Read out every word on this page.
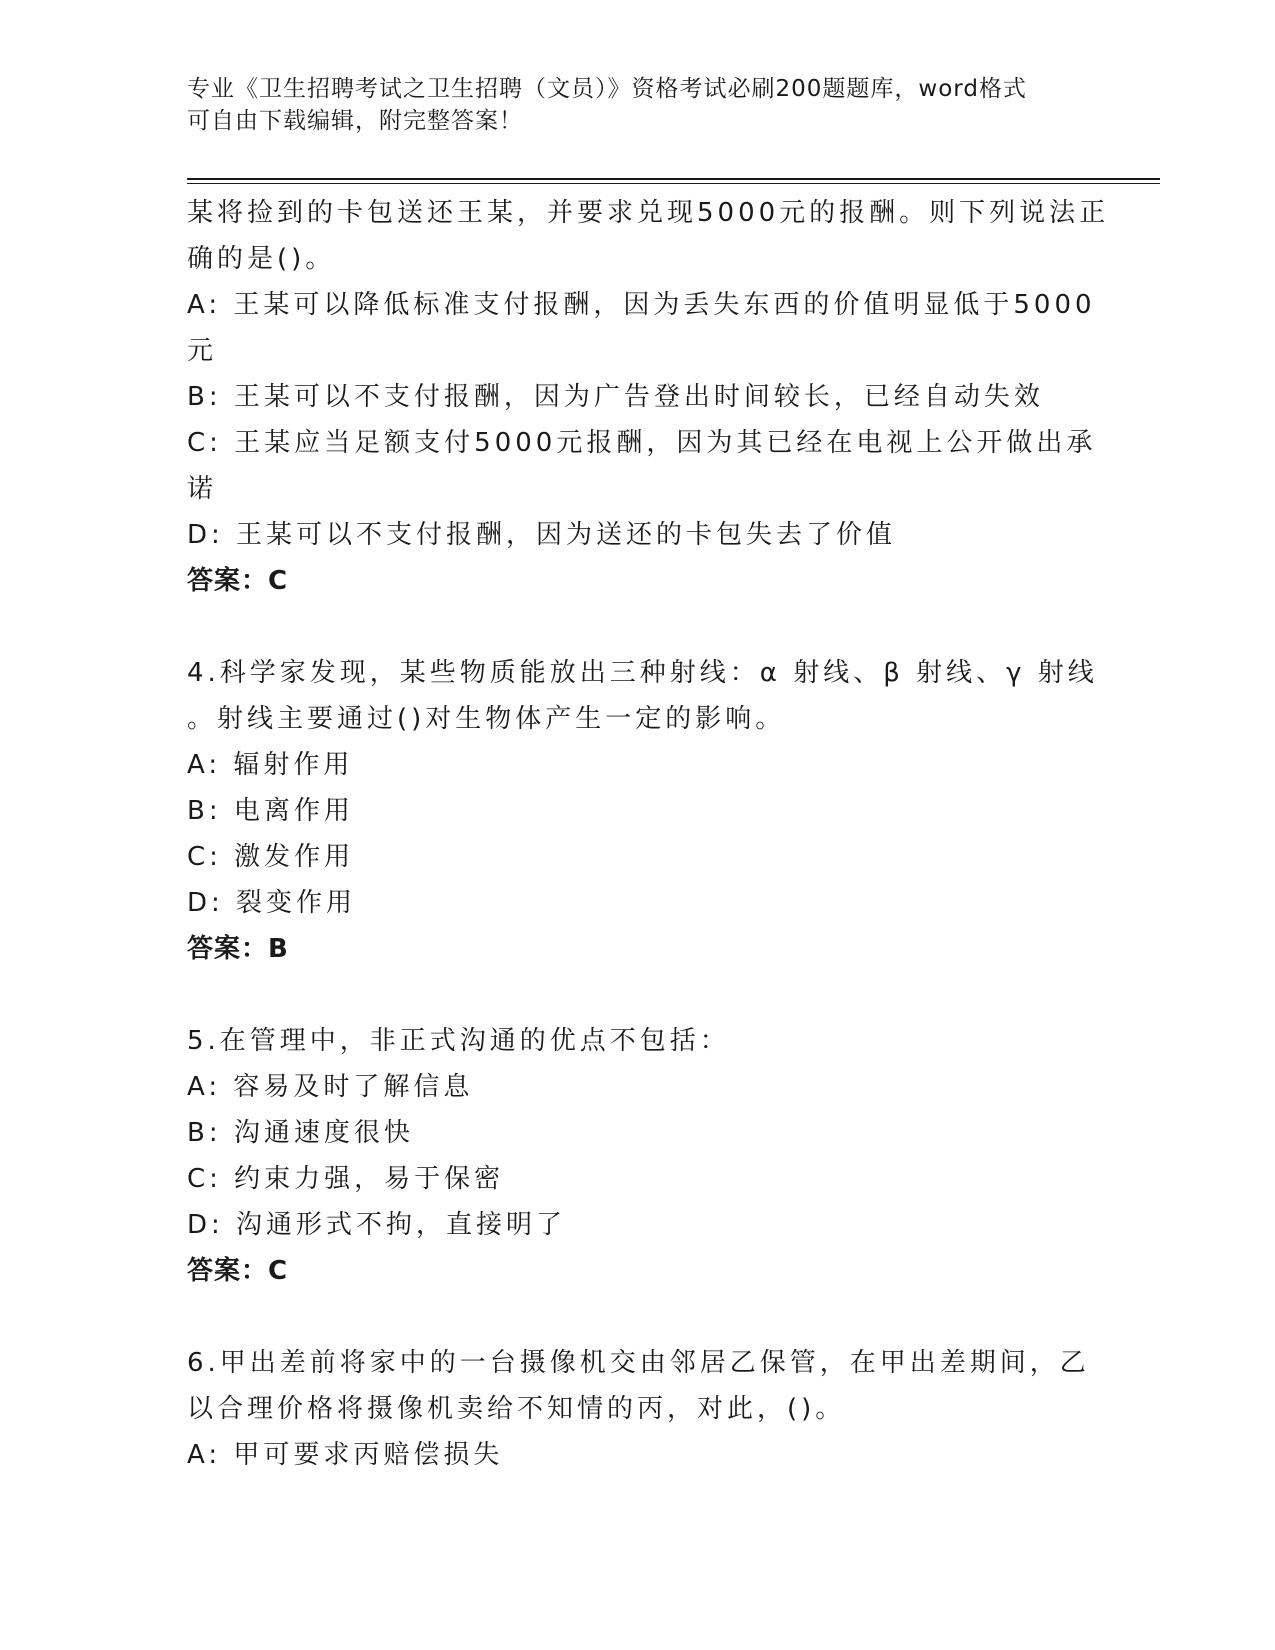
专业《卫生招聘考试之卫生招聘（文员）》资格考试必刷200题题库，word格式
可自由下载编辑，附完整答案！

某将捡到的卡包送还王某，并要求兑现5000元的报酬。则下列说法正

确的是()。

A: 王某可以降低标准支付报酬，因为丢失东西的价值明显低于5000

元

B: 王某可以不支付报酬，因为广告登出时间较长，已经自动失效

C: 王某应当足额支付5000元报酬，因为其已经在电视上公开做出承

诺

D: 王某可以不支付报酬，因为送还的卡包失去了价值

答案：C

4.科学家发现，某些物质能放出三种射线：α 射线、β 射线、γ 射线

。射线主要通过()对生物体产生一定的影响。

A: 辐射作用

B: 电离作用

C: 激发作用

D: 裂变作用

答案：B

5.在管理中，非正式沟通的优点不包括：

A: 容易及时了解信息

B: 沟通速度很快

C: 约束力强，易于保密

D: 沟通形式不拘，直接明了

答案：C

6.甲出差前将家中的一台摄像机交由邻居乙保管，在甲出差期间，乙

以合理价格将摄像机卖给不知情的丙，对此，()。

A: 甲可要求丙赔偿损失
